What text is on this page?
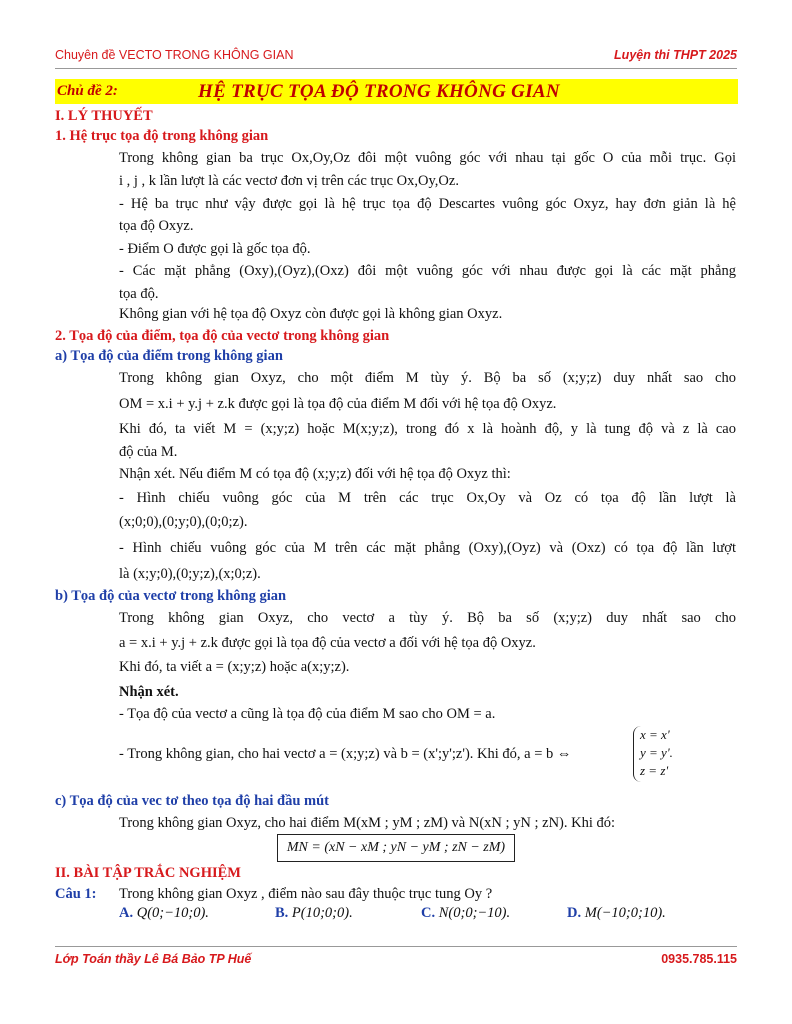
Chuyên đề VECTO TRONG KHÔNG GIAN	Luyện thi THPT 2025
Chủ đề 2:	HỆ TRỤC TỌA ĐỘ TRONG KHÔNG GIAN
I. LÝ THUYẾT
1. Hệ trục tọa độ trong không gian
Trong không gian ba trục Ox,Oy,Oz đôi một vuông góc với nhau tại gốc O của mỗi trục. Gọi
i , j , k lần lượt là các vectơ đơn vị trên các trục Ox,Oy,Oz.
- Hệ ba trục như vậy được gọi là hệ trục tọa độ Descartes vuông góc Oxyz, hay đơn giản là hệ
tọa độ Oxyz.
- Điểm O được gọi là gốc tọa độ.
- Các mặt phẳng (Oxy),(Oyz),(Oxz) đôi một vuông góc với nhau được gọi là các mặt phẳng
tọa độ.
Không gian với hệ tọa độ Oxyz còn được gọi là không gian Oxyz.
2. Tọa độ của điểm, tọa độ của vectơ trong không gian
a) Tọa độ của điểm trong không gian
Trong không gian Oxyz, cho một điểm M tùy ý. Bộ ba số (x;y;z) duy nhất sao cho
OM = x.i + y.j + z.k được gọi là tọa độ của điểm M đối với hệ tọa độ Oxyz.
Khi đó, ta viết M = (x;y;z) hoặc M(x;y;z), trong đó x là hoành độ, y là tung độ và z là cao
độ của M.
Nhận xét. Nếu điểm M có tọa độ (x;y;z) đối với hệ tọa độ Oxyz thì:
- Hình chiếu vuông góc của M trên các trục Ox,Oy và Oz có tọa độ lần lượt là
(x;0;0),(0;y;0),(0;0;z).
- Hình chiếu vuông góc của M trên các mặt phẳng (Oxy),(Oyz) và (Oxz) có tọa độ lần lượt
là (x;y;0),(0;y;z),(x;0;z).
b) Tọa độ của vectơ trong không gian
Trong không gian Oxyz, cho vectơ a tùy ý. Bộ ba số (x;y;z) duy nhất sao cho
a = x.i + y.j + z.k được gọi là tọa độ của vectơ a đối với hệ tọa độ Oxyz.
Khi đó, ta viết a = (x;y;z) hoặc a(x;y;z).
Nhận xét.
- Tọa độ của vectơ a cũng là tọa độ của điểm M sao cho OM = a.
- Trong không gian, cho hai vectơ a = (x;y;z) và b = (x';y';z'). Khi đó, a = b ⇔
x = x'
y = y'.
z = z'
c) Tọa độ của vec tơ theo tọa độ hai đầu mút
Trong không gian Oxyz, cho hai điểm M(xM ; yM ; zM) và N(xN ; yN ; zN). Khi đó:
MN = (xN − xM ; yN − yM ; zN − zM)
II. BÀI TẬP TRẮC NGHIỆM
Câu 1: Trong không gian Oxyz , điểm nào sau đây thuộc trục tung Oy ?
A. Q(0;−10;0).	B. P(10;0;0).	C. N(0;0;−10).	D. M(−10;0;10).
Lớp Toán thầy Lê Bá Bảo TP Huế	0935.785.115
